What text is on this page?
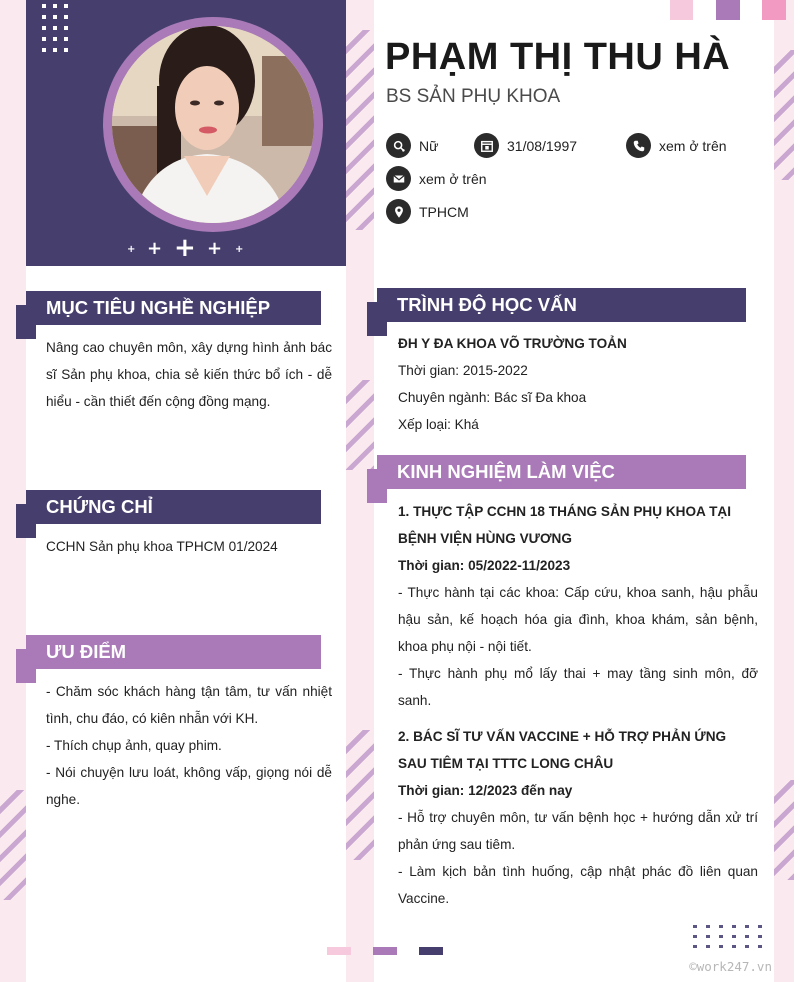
+ + + + +
PHẠM THỊ THU HÀ
BS SẢN PHỤ KHOA
Nữ	31/08/1997	xem ở trên
xem ở trên
TPHCM
MỤC TIÊU NGHỀ NGHIỆP

Nâng cao chuyên môn, xây dựng hình ảnh bác sĩ Sản phụ khoa, chia sẻ kiến thức bổ ích - dễ hiểu - cần thiết đến cộng đồng mạng.

CHỨNG CHỈ

CCHN Sản phụ khoa TPHCM 01/2024

ƯU ĐIỂM

- Chăm sóc khách hàng tận tâm, tư vấn nhiệt tình, chu đáo, có kiên nhẫn với KH.

- Thích chụp ảnh, quay phim.

- Nói chuyện lưu loát, không vấp, giọng nói dễ nghe.

TRÌNH ĐỘ HỌC VẤN

ĐH Y ĐA KHOA VÕ TRƯỜNG TOẢN

Thời gian: 2015-2022

Chuyên ngành: Bác sĩ Đa khoa

Xếp loại: Khá

KINH NGHIỆM LÀM VIỆC

1. THỰC TẬP CCHN 18 THÁNG SẢN PHỤ KHOA TẠI BỆNH VIỆN HÙNG VƯƠNG

Thời gian: 05/2022-11/2023

- Thực hành tại các khoa: Cấp cứu, khoa sanh, hậu phẫu hậu sản, kế hoạch hóa gia đình, khoa khám, sản bệnh, khoa phụ nội - nội tiết.

- Thực hành phụ mổ lấy thai + may tầng sinh môn, đỡ sanh.

2. BÁC SĨ TƯ VẤN VACCINE + HỖ TRỢ PHẢN ỨNG SAU TIÊM TẠI TTTC LONG CHÂU

Thời gian: 12/2023 đến nay

- Hỗ trợ chuyên môn, tư vấn bệnh học + hướng dẫn xử trí phản ứng sau tiêm.

- Làm kịch bản tình huống, cập nhật phác đồ liên quan Vaccine.

©work247.vn
